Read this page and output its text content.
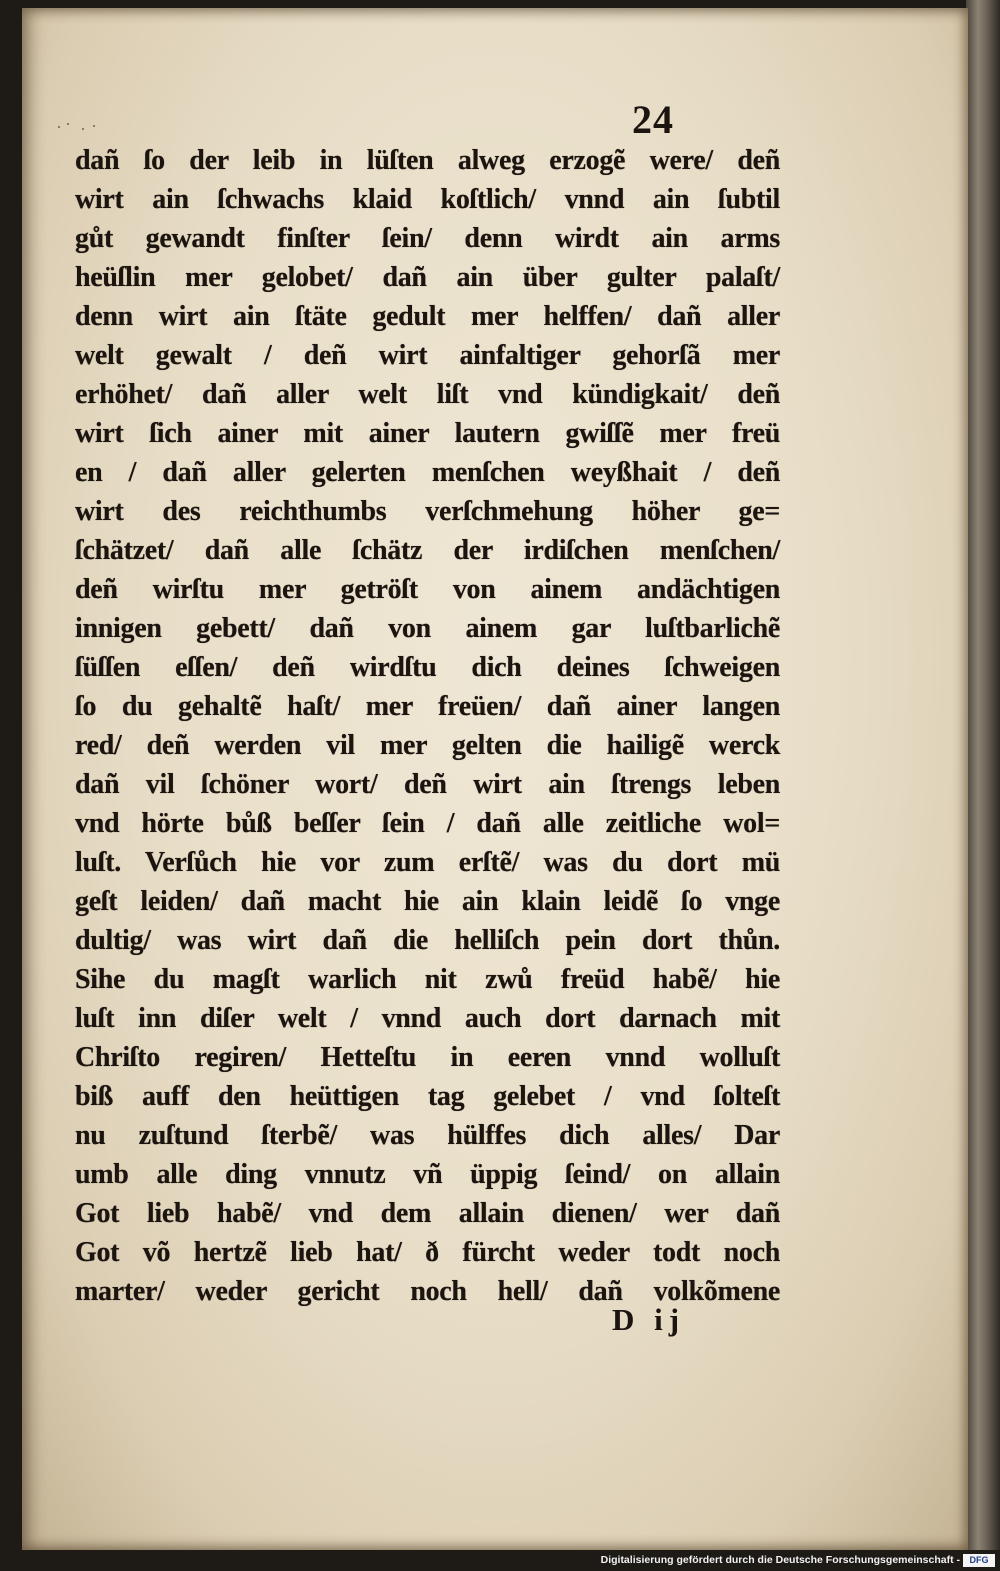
24
dañ ſo der leib in lüſten alweg erzogẽ were/ deñ
wirt ain ſchwachs klaid koſtlich/ vnnd ain ſubtil
gůt gewandt finſter ſein/ denn wirdt ain arms
heüſlin mer gelobet/ dañ ain über gulter palaſt/
denn wirt ain ſtäte gedult mer helffen/ dañ aller
welt gewalt / deñ wirt ainfaltiger gehorſã mer
erhöhet/ dañ aller welt liſt vnd kündigkait/ deñ
wirt ſich ainer mit ainer lautern gwiſſẽ mer freü
en / dañ aller gelerten menſchen weyßhait / deñ
wirt des reichthumbs verſchmehung höher ge=
ſchätzet/ dañ alle ſchätz der irdiſchen menſchen/
deñ wirſtu mer getröſt von ainem andächtigen
innigen gebett/ dañ von ainem gar luſtbarlichẽ
ſüſſen eſſen/ deñ wirdſtu dich deines ſchweigen
ſo du gehaltẽ haſt/ mer freüen/ dañ ainer langen
red/ deñ werden vil mer gelten die hailigẽ werck
dañ vil ſchöner wort/ deñ wirt ain ſtrengs leben
vnd hörte bůß beſſer ſein / dañ alle zeitliche wol=
luſt. Verſůch hie vor zum erſtẽ/ was du dort mü
geſt leiden/ dañ macht hie ain klain leidẽ ſo vnge
dultig/ was wirt dañ die helliſch pein dort thůn.
Sihe du magſt warlich nit zwů freüd habẽ/ hie
luſt inn diſer welt / vnnd auch dort darnach mit
Chriſto regiren/ Hetteſtu in eeren vnnd wolluſt
biß auff den heüttigen tag gelebet / vnd ſolteſt
nu zuſtund ſterbẽ/ was hülffes dich alles/ Dar
umb alle ding vnnutz vñ üppig ſeind/ on allain
Got lieb habẽ/ vnd dem allain dienen/ wer dañ
Got võ hertzẽ lieb hat/ ð fürcht weder todt noch
marter/ weder gericht noch hell/ dañ volkõmene
D ij
Digitalisierung gefördert durch die Deutsche Forschungsgemeinschaft -	DFG
